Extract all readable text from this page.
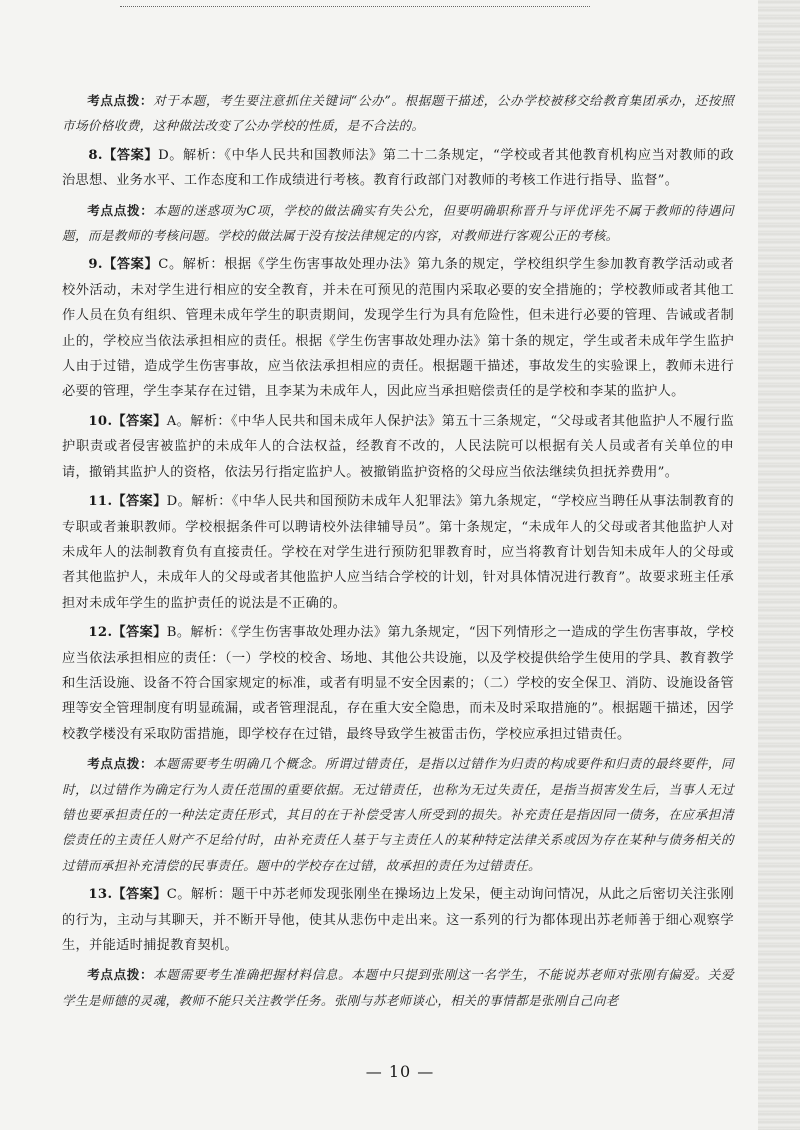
考点点拨：对于本题，考生要注意抓住关键词“公办”。根据题干描述，公办学校被移交给教育集团承办，还按照市场价格收费，这种做法改变了公办学校的性质，是不合法的。

8.【答案】D。解析：《中华人民共和国教师法》第二十二条规定，“学校或者其他教育机构应当对教师的政治思想、业务水平、工作态度和工作成绩进行考核。教育行政部门对教师的考核工作进行指导、监督”。

考点点拨：本题的迷惑项为C项，学校的做法确实有失公允，但要明确职称晋升与评优评先不属于教师的待遇问题，而是教师的考核问题。学校的做法属于没有按法律规定的内容，对教师进行客观公正的考核。

9.【答案】C。解析：根据《学生伤害事故处理办法》第九条的规定，学校组织学生参加教育教学活动或者校外活动，未对学生进行相应的安全教育，并未在可预见的范围内采取必要的安全措施的；学校教师或者其他工作人员在负有组织、管理未成年学生的职责期间，发现学生行为具有危险性，但未进行必要的管理、告诫或者制止的，学校应当依法承担相应的责任。根据《学生伤害事故处理办法》第十条的规定，学生或者未成年学生监护人由于过错，造成学生伤害事故，应当依法承担相应的责任。根据题干描述，事故发生的实验课上，教师未进行必要的管理，学生李某存在过错，且李某为未成年人，因此应当承担赔偿责任的是学校和李某的监护人。

10.【答案】A。解析：《中华人民共和国未成年人保护法》第五十三条规定，“父母或者其他监护人不履行监护职责或者侵害被监护的未成年人的合法权益，经教育不改的，人民法院可以根据有关人员或者有关单位的申请，撤销其监护人的资格，依法另行指定监护人。被撤销监护资格的父母应当依法继续负担抚养费用”。

11.【答案】D。解析：《中华人民共和国预防未成年人犯罪法》第九条规定，“学校应当聘任从事法制教育的专职或者兼职教师。学校根据条件可以聘请校外法律辅导员”。第十条规定，“未成年人的父母或者其他监护人对未成年人的法制教育负有直接责任。学校在对学生进行预防犯罪教育时，应当将教育计划告知未成年人的父母或者其他监护人，未成年人的父母或者其他监护人应当结合学校的计划，针对具体情况进行教育”。故要求班主任承担对未成年学生的监护责任的说法是不正确的。

12.【答案】B。解析：《学生伤害事故处理办法》第九条规定，“因下列情形之一造成的学生伤害事故，学校应当依法承担相应的责任：（一）学校的校舍、场地、其他公共设施，以及学校提供给学生使用的学具、教育教学和生活设施、设备不符合国家规定的标准，或者有明显不安全因素的；（二）学校的安全保卫、消防、设施设备管理等安全管理制度有明显疏漏，或者管理混乱，存在重大安全隐患，而未及时采取措施的”。根据题干描述，因学校教学楼没有采取防雷措施，即学校存在过错，最终导致学生被雷击伤，学校应承担过错责任。

考点点拨：本题需要考生明确几个概念。所谓过错责任，是指以过错作为归责的构成要件和归责的最终要件，同时，以过错作为确定行为人责任范围的重要依据。无过错责任，也称为无过失责任，是指当损害发生后，当事人无过错也要承担责任的一种法定责任形式，其目的在于补偿受害人所受到的损失。补充责任是指因同一债务，在应承担清偿责任的主责任人财产不足给付时，由补充责任人基于与主责任人的某种特定法律关系或因为存在某种与债务相关的过错而承担补充清偿的民事责任。题中的学校存在过错，故承担的责任为过错责任。

13.【答案】C。解析：题干中苏老师发现张刚坐在操场边上发呆，便主动询问情况，从此之后密切关注张刚的行为，主动与其聊天，并不断开导他，使其从悲伤中走出来。这一系列的行为都体现出苏老师善于细心观察学生，并能适时捕捉教育契机。

考点点拨：本题需要考生准确把握材料信息。本题中只提到张刚这一名学生，不能说苏老师对张刚有偏爱。关爱学生是师德的灵魂，教师不能只关注教学任务。张刚与苏老师谈心，相关的事情都是张刚自己向老

— 10 —
